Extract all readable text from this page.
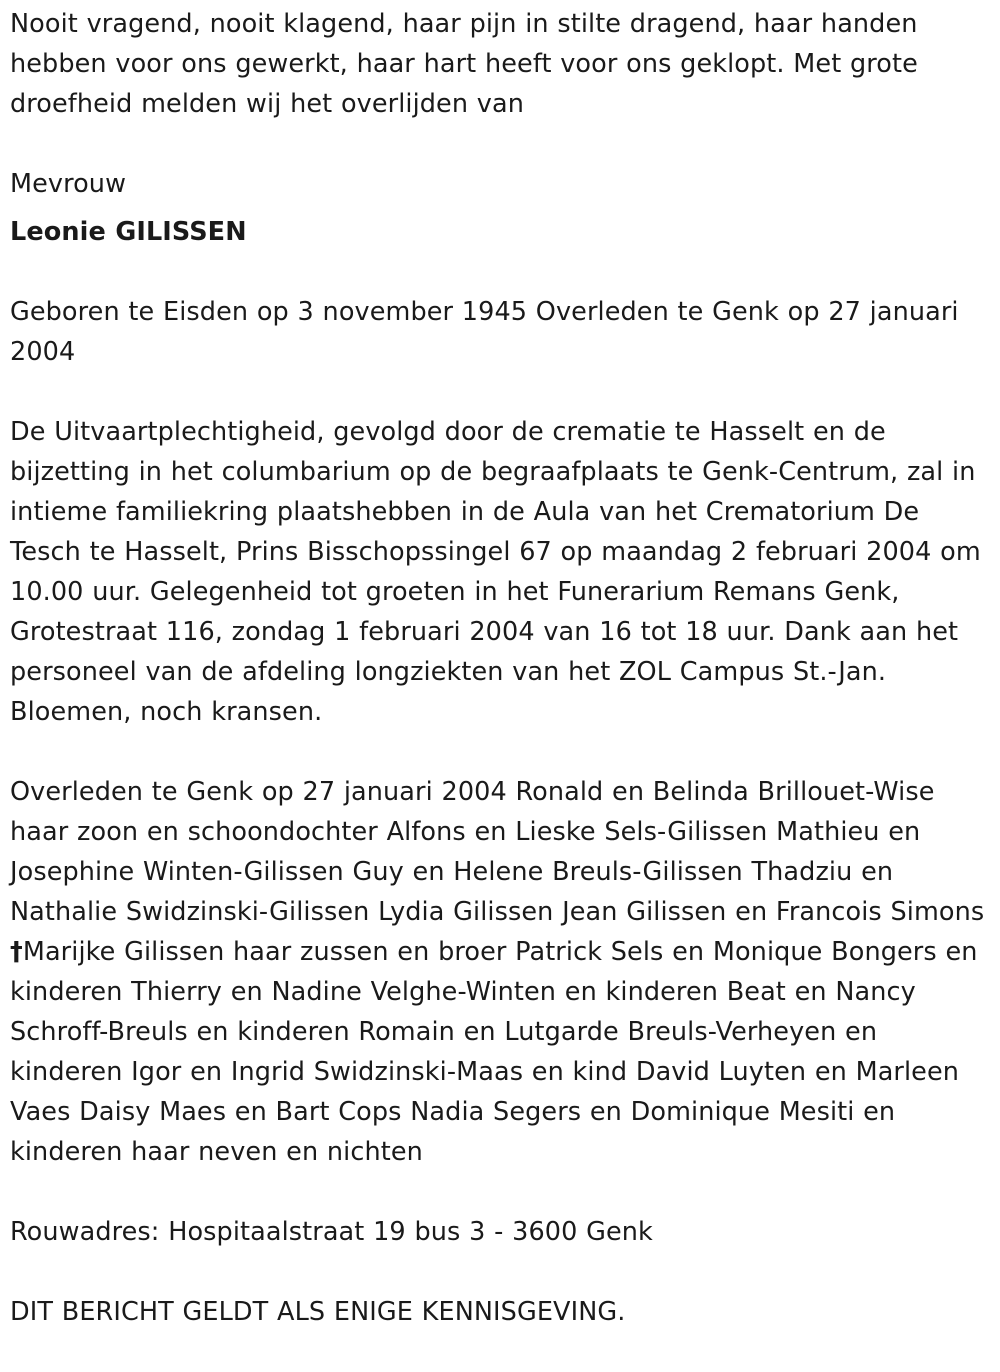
Nooit vragend, nooit klagend, haar pijn in stilte dragend, haar handen hebben voor ons gewerkt, haar hart heeft voor ons geklopt. Met grote droefheid melden wij het overlijden van

Mevrouw

Leonie GILISSEN

Geboren te Eisden op 3 november 1945 Overleden te Genk op 27 januari 2004

De Uitvaartplechtigheid, gevolgd door de crematie te Hasselt en de bijzetting in het columbarium op de begraafplaats te Genk-Centrum, zal in intieme familiekring plaatshebben in de Aula van het Crematorium De Tesch te Hasselt, Prins Bisschopssingel 67 op maandag 2 februari 2004 om 10.00 uur. Gelegenheid tot groeten in het Funerarium Remans Genk, Grotestraat 116, zondag 1 februari 2004 van 16 tot 18 uur. Dank aan het personeel van de afdeling longziekten van het ZOL Campus St.-Jan. Bloemen, noch kransen.

Overleden te Genk op 27 januari 2004 Ronald en Belinda Brillouet-Wise haar zoon en schoondochter Alfons en Lieske Sels-Gilissen Mathieu en Josephine Winten-Gilissen Guy en Helene Breuls-Gilissen Thadziu en Nathalie Swidzinski-Gilissen Lydia Gilissen Jean Gilissen en Francois Simons †Marijke Gilissen haar zussen en broer Patrick Sels en Monique Bongers en kinderen Thierry en Nadine Velghe-Winten en kinderen Beat en Nancy Schroff-Breuls en kinderen Romain en Lutgarde Breuls-Verheyen en kinderen Igor en Ingrid Swidzinski-Maas en kind David Luyten en Marleen Vaes Daisy Maes en Bart Cops Nadia Segers en Dominique Mesiti en kinderen haar neven en nichten

Rouwadres: Hospitaalstraat 19 bus 3 - 3600 Genk

DIT BERICHT GELDT ALS ENIGE KENNISGEVING.
